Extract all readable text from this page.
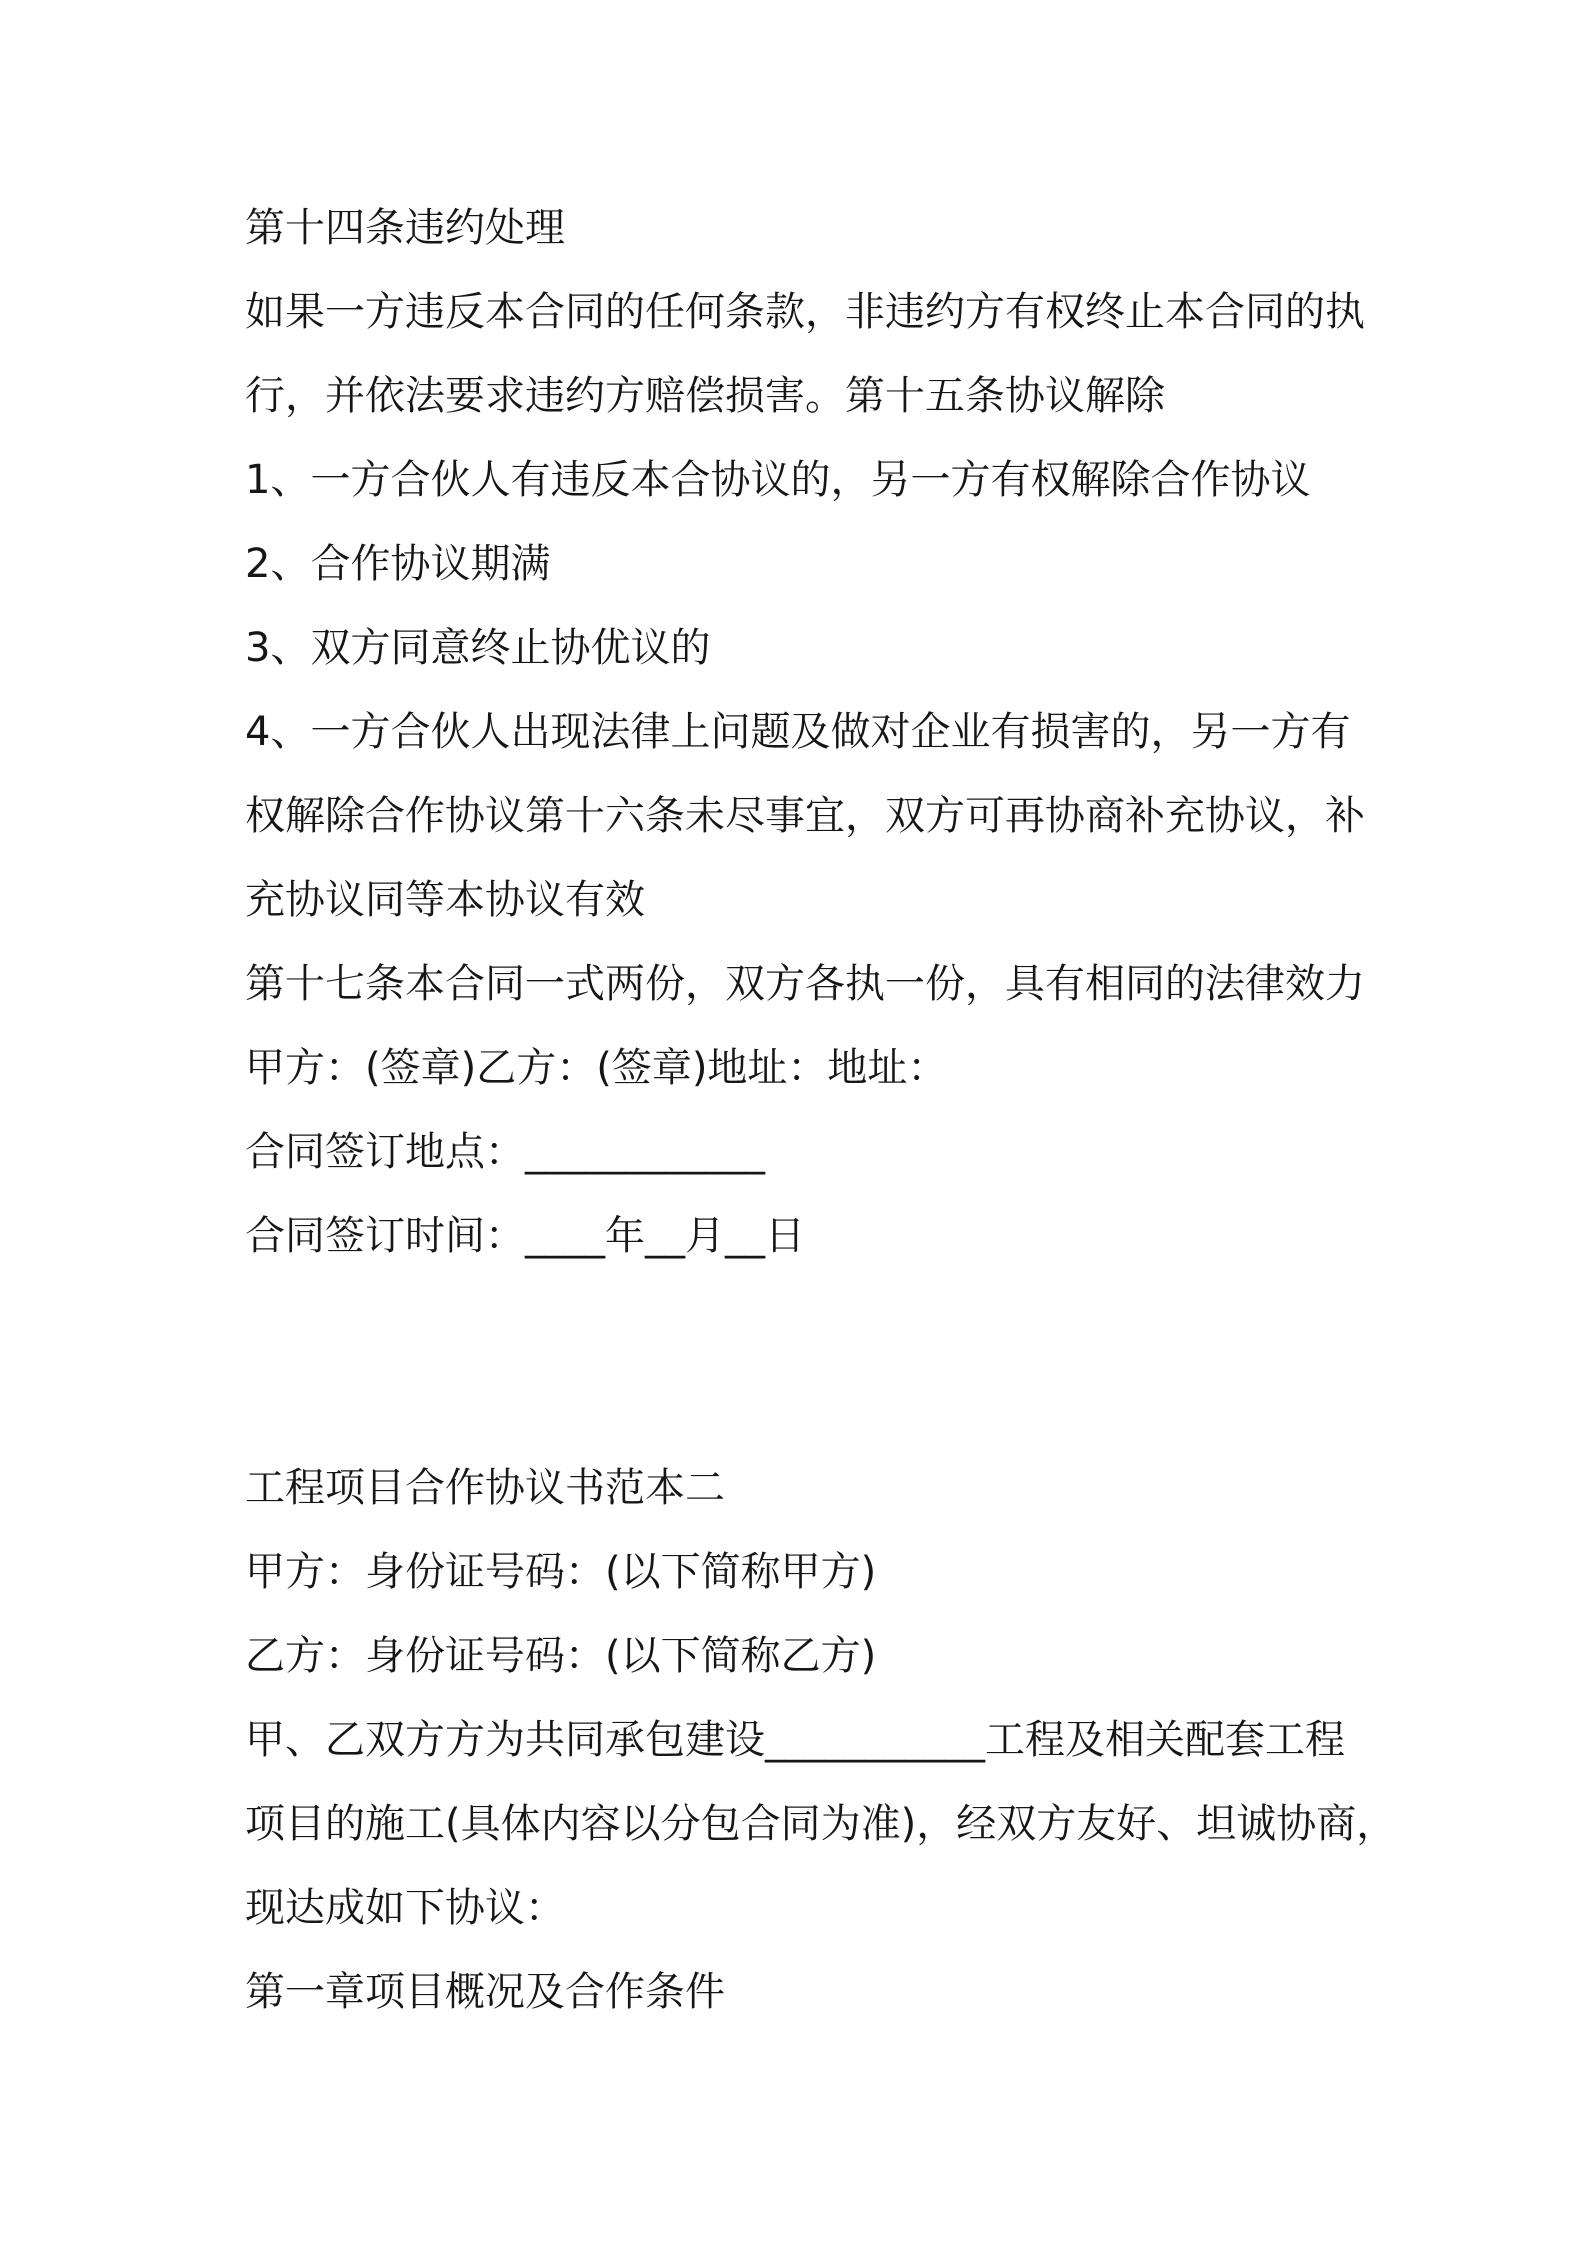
第十四条违约处理
如果一方违反本合同的任何条款，非违约方有权终止本合同的执
行，并依法要求违约方赔偿损害。第十五条协议解除
1、一方合伙人有违反本合协议的，另一方有权解除合作协议
2、合作协议期满
3、双方同意终止协优议的
4、一方合伙人出现法律上问题及做对企业有损害的，另一方有
权解除合作协议第十六条未尽事宜，双方可再协商补充协议，补
充协议同等本协议有效
第十七条本合同一式两份，双方各执一份，具有相同的法律效力
甲方：(签章)乙方：(签章)地址：地址：
合同签订地点：____________
合同签订时间：____年__月__日
工程项目合作协议书范本二
甲方：身份证号码：(以下简称甲方)
乙方：身份证号码：(以下简称乙方)
甲、乙双方方为共同承包建设___________工程及相关配套工程
项目的施工(具体内容以分包合同为准)，经双方友好、坦诚协商，
现达成如下协议：
第一章项目概况及合作条件
